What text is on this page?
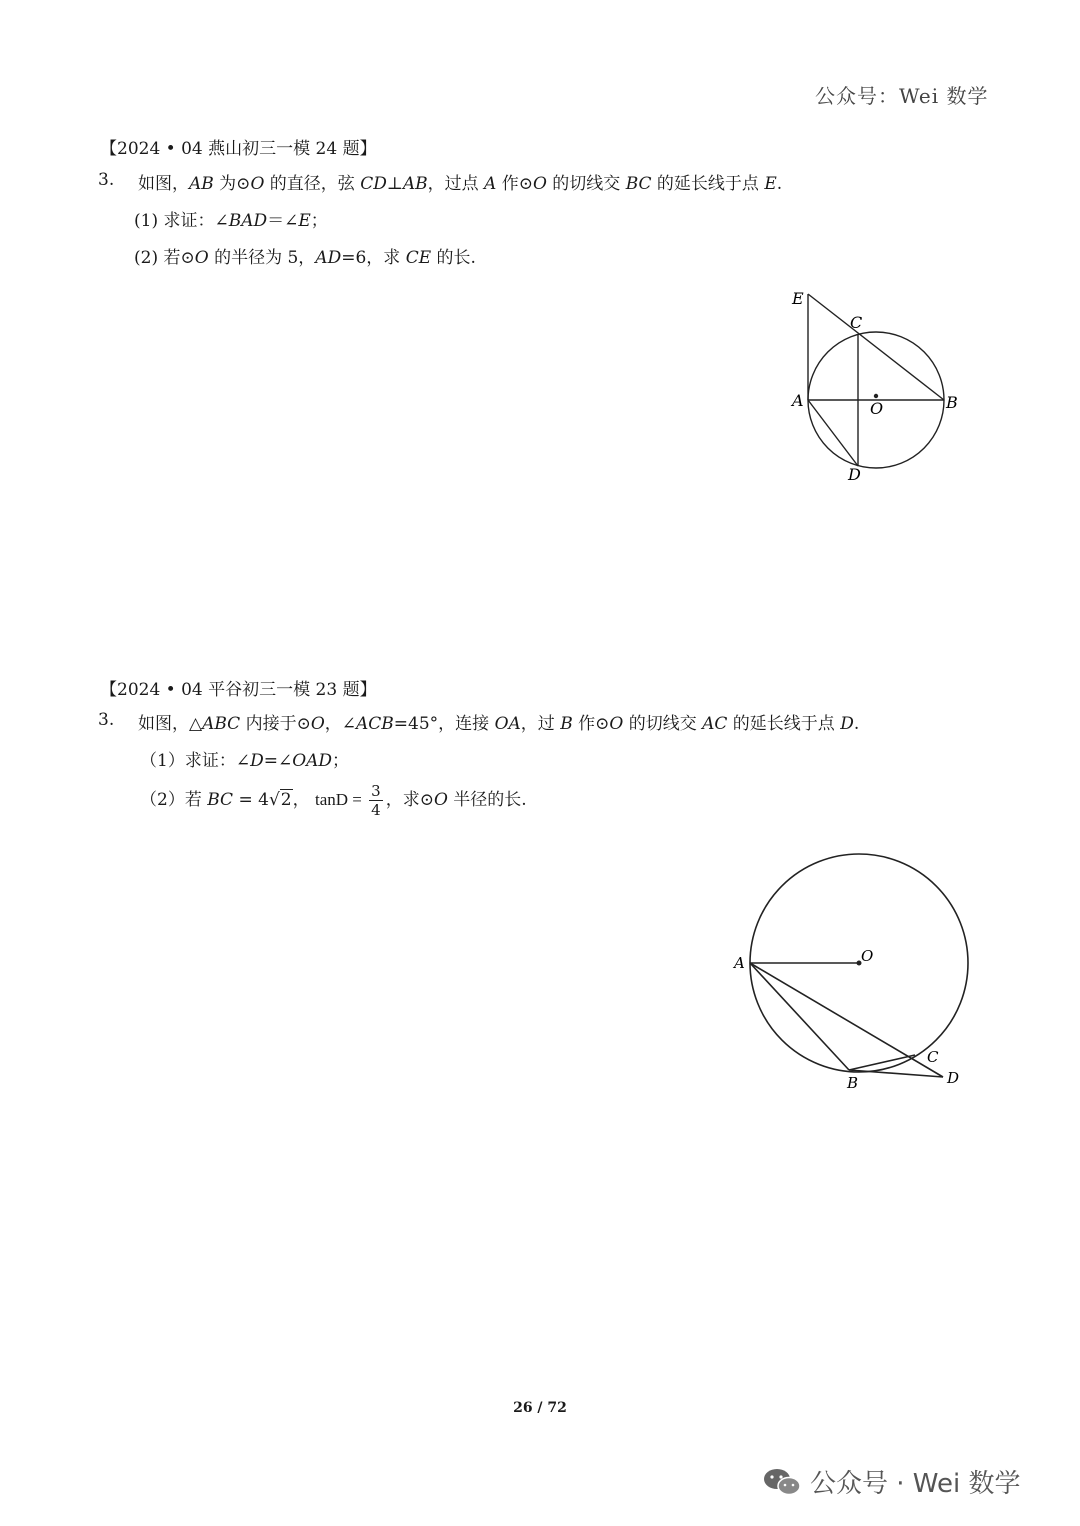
公众号：Wei 数学
【2024 • 04 燕山初三一模 24 题】
3. 如图，AB 为⊙O 的直径，弦 CD⊥AB，过点 A 作⊙O 的切线交 BC 的延长线于点 E.
(1) 求证：∠BAD＝∠E；
(2) 若⊙O 的半径为 5，AD=6，求 CE 的长.
E
C
A	O	B
D
【2024 • 04 平谷初三一模 23 题】
3. 如图，△ABC 内接于⊙O，∠ACB=45°，连接 OA，过 B 作⊙O 的切线交 AC 的延长线于点 D.
（1）求证：∠D=∠OAD；
（2）若 BC = 4√2， $\tan D = \frac{3}{4}$ ，求⊙O 半径的长.
A	O
C
B	D
26 / 72
公众号 · Wei 数学
